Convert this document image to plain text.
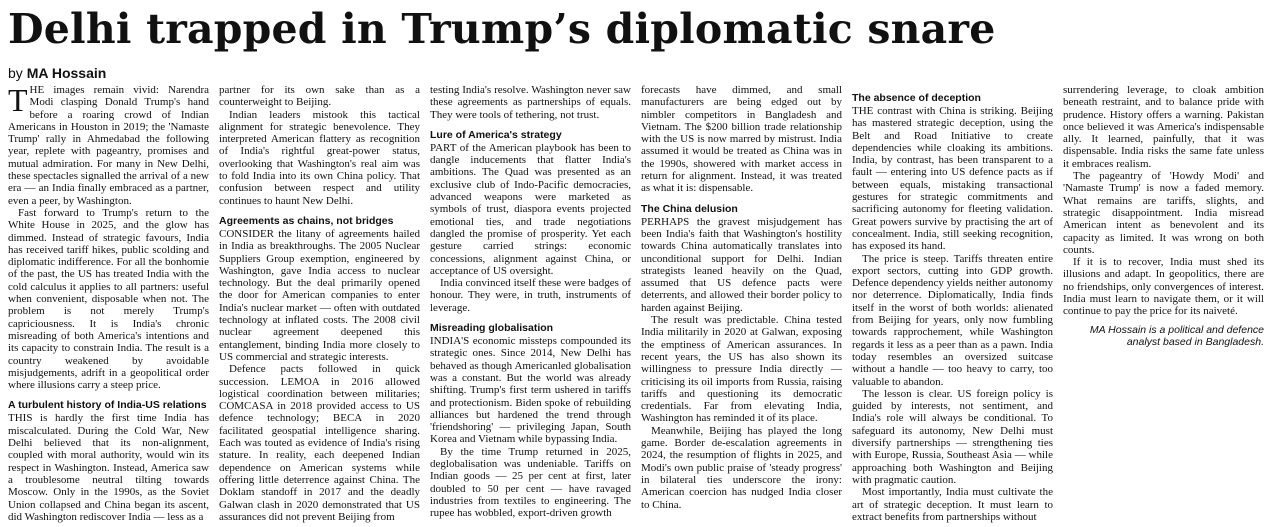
Delhi trapped in Trump’s diplomatic snare
by MA Hossain

THE images remain vivid: Narendra Modi clasping Donald Trump's hand before a roaring crowd of Indian Americans in Houston in 2019; the 'Namaste Trump' rally in Ahmedabad the following year, replete with pageantry, promises and mutual admiration. For many in New Delhi, these spectacles signalled the arrival of a new era — an India finally embraced as a partner, even a peer, by Washington.

Fast forward to Trump's return to the White House in 2025, and the glow has dimmed. Instead of strategic favours, India has received tariff hikes, public scolding and diplomatic indifference. For all the bonhomie of the past, the US has treated India with the cold calculus it applies to all partners: useful when convenient, disposable when not. The problem is not merely Trump's capriciousness. It is India's chronic misreading of both America's intentions and its capacity to constrain India. The result is a country weakened by avoidable misjudgements, adrift in a geopolitical order where illusions carry a steep price.

A turbulent history of India-US relations

THIS is hardly the first time India has miscalculated. During the Cold War, New Delhi believed that its non-alignment, coupled with moral authority, would win its respect in Washington. Instead, America saw a troublesome neutral tilting towards Moscow. Only in the 1990s, as the Soviet Union collapsed and China began its ascent, did Washington rediscover India — less as a

partner for its own sake than as a counterweight to Beijing.

Indian leaders mistook this tactical alignment for strategic benevolence. They interpreted American flattery as recognition of India's rightful great-power status, overlooking that Washington's real aim was to fold India into its own China policy. That confusion between respect and utility continues to haunt New Delhi.

Agreements as chains, not bridges

CONSIDER the litany of agreements hailed in India as breakthroughs. The 2005 Nuclear Suppliers Group exemption, engineered by Washington, gave India access to nuclear technology. But the deal primarily opened the door for American companies to enter India's nuclear market — often with outdated technology at inflated costs. The 2008 civil nuclear agreement deepened this entanglement, binding India more closely to US commercial and strategic interests.

Defence pacts followed in quick succession. LEMOA in 2016 allowed logistical coordination between militaries; COMCASA in 2018 provided access to US defence technology; BECA in 2020 facilitated geospatial intelligence sharing. Each was touted as evidence of India's rising stature. In reality, each deepened Indian dependence on American systems while offering little deterrence against China. The Doklam standoff in 2017 and the deadly Galwan clash in 2020 demonstrated that US assurances did not prevent Beijing from

testing India's resolve. Washington never saw these agreements as partnerships of equals. They were tools of tethering, not trust.

Lure of America's strategy

PART of the American playbook has been to dangle inducements that flatter India's ambitions. The Quad was presented as an exclusive club of Indo-Pacific democracies, advanced weapons were marketed as symbols of trust, diaspora events projected emotional ties, and trade negotiations dangled the promise of prosperity. Yet each gesture carried strings: economic concessions, alignment against China, or acceptance of US oversight.

India convinced itself these were badges of honour. They were, in truth, instruments of leverage.

Misreading globalisation

INDIA'S economic missteps compounded its strategic ones. Since 2014, New Delhi has behaved as though Americanled globalisation was a constant. But the world was already shifting. Trump's first term ushered in tariffs and protectionism. Biden spoke of rebuilding alliances but hardened the trend through 'friendshoring' — privileging Japan, South Korea and Vietnam while bypassing India.

By the time Trump returned in 2025, deglobalisation was undeniable. Tariffs on Indian goods — 25 per cent at first, later doubled to 50 per cent — have ravaged industries from textiles to engineering. The rupee has wobbled, export-driven growth

forecasts have dimmed, and small manufacturers are being edged out by nimbler competitors in Bangladesh and Vietnam. The $200 billion trade relationship with the US is now marred by mistrust. India assumed it would be treated as China was in the 1990s, showered with market access in return for alignment. Instead, it was treated as what it is: dispensable.

The China delusion

PERHAPS the gravest misjudgement has been India's faith that Washington's hostility towards China automatically translates into unconditional support for Delhi. Indian strategists leaned heavily on the Quad, assumed that US defence pacts were deterrents, and allowed their border policy to harden against Beijing.

The result was predictable. China tested India militarily in 2020 at Galwan, exposing the emptiness of American assurances. In recent years, the US has also shown its willingness to pressure India directly — criticising its oil imports from Russia, raising tariffs and questioning its democratic credentials. Far from elevating India, Washington has reminded it of its place.

Meanwhile, Beijing has played the long game. Border de-escalation agreements in 2024, the resumption of flights in 2025, and Modi's own public praise of 'steady progress' in bilateral ties underscore the irony: American coercion has nudged India closer to China.

The absence of deception

THE contrast with China is striking. Beijing has mastered strategic deception, using the Belt and Road Initiative to create dependencies while cloaking its ambitions. India, by contrast, has been transparent to a fault — entering into US defence pacts as if between equals, mistaking transactional gestures for strategic commitments and sacrificing autonomy for fleeting validation. Great powers survive by practising the art of concealment. India, still seeking recognition, has exposed its hand.

The price is steep. Tariffs threaten entire export sectors, cutting into GDP growth. Defence dependency yields neither autonomy nor deterrence. Diplomatically, India finds itself in the worst of both worlds: alienated from Beijing for years, only now fumbling towards rapprochement, while Washington regards it less as a peer than as a pawn. India today resembles an oversized suitcase without a handle — too heavy to carry, too valuable to abandon.

The lesson is clear. US foreign policy is guided by interests, not sentiment, and India's role will always be conditional. To safeguard its autonomy, New Delhi must diversify partnerships — strengthening ties with Europe, Russia, Southeast Asia — while approaching both Washington and Beijing with pragmatic caution.

Most importantly, India must cultivate the art of strategic deception. It must learn to extract benefits from partnerships without

surrendering leverage, to cloak ambition beneath restraint, and to balance pride with prudence. History offers a warning. Pakistan once believed it was America's indispensable ally. It learned, painfully, that it was dispensable. India risks the same fate unless it embraces realism.

The pageantry of 'Howdy Modi' and 'Namaste Trump' is now a faded memory. What remains are tariffs, slights, and strategic disappointment. India misread American intent as benevolent and its capacity as limited. It was wrong on both counts.

If it is to recover, India must shed its illusions and adapt. In geopolitics, there are no friendships, only convergences of interest. India must learn to navigate them, or it will continue to pay the price for its naiveté.

MA Hossain is a political and defence analyst based in Bangladesh.
